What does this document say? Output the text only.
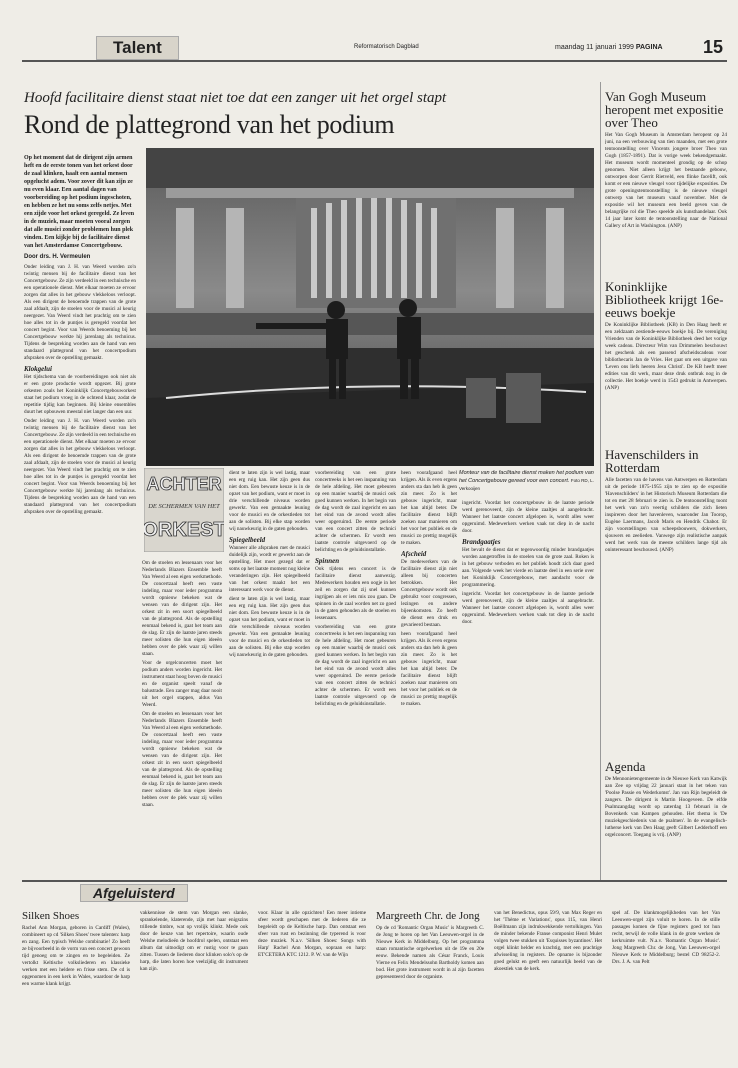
Talent	Reformatorisch Dagblad	maandag 11 januari 1999 PAGINA 15
Hoofd facilitaire dienst staat niet toe dat een zanger uit het orgel stapt
Rond de plattegrond van het podium
Op het moment dat de dirigent zijn armen heft en de eerste tonen van het orkest door de zaal klinken, haalt een aantal mensen opgelucht adem. Voor zover dit kan zijn ze nu even klaar. Een aantal dagen van voorbereiding op het podium ingeschoten, en hebben ze het nu soms zelfs netjes. Met een zijde voor het orkest geregeld. Ze leven in de muziek, maar moeten vooral zorgen dat alle musici zonder problemen hun plek vinden. Een kijkje bij de facilitaire dienst van het Amsterdamse Concertgebouw.
Door drs. H. Vermeulen

Onder leiding van J. H. van Weerd worden zo'n twintig mensen bij de facilitaire dienst van het Concertgebouw. Ze zijn verdeeld in een technische en een operationele dienst. Met elkaar moeten ze ervoor zorgen dat alles in het gebouw vlekkeloos verloopt. Als een dirigent de benoemde trappen van de grote zaal afdaalt, zijn de stoelen voor de musici al keurig neergezet. Van Weerd vindt het prachtig om te zien hoe alles tot in de puntjes is geregeld voordat het concert begint. Voor van Weerds benoeming bij het Concertgebouw werkte hij jarenlang als technicus. Tijdens de bespreking worden aan de hand van een standaard plattegrond van het concertpodium afspraken over de opstelling gemaakt.

Klokgelui

Het tijdschema van de voorbereidingen ook niet als er een grote productie wordt opgezet. Bij grote orkesten zoals het Koninklijk Concertgebouworkest staat het podium vroeg in de ochtend klaar, zodat de repetitie tijdig kan beginnen. Bij kleine ensembles duurt het opbouwen meestal niet langer dan een uur.

Onder leiding van J. H. van Weerd worden zo'n twintig mensen bij de facilitaire dienst van het Concertgebouw. Ze zijn verdeeld in een technische en een operationele dienst. Met elkaar moeten ze ervoor zorgen dat alles in het gebouw vlekkeloos verloopt. Als een dirigent de benoemde trappen van de grote zaal afdaalt, zijn de stoelen voor de musici al keurig neergezet. Van Weerd vindt het prachtig om te zien hoe alles tot in de puntjes is geregeld voordat het concert begint. Voor van Weerds benoeming bij het Concertgebouw werkte hij jarenlang als technicus. Tijdens de bespreking worden aan de hand van een standaard plattegrond van het concertpodium afspraken over de opstelling gemaakt.

Om de stoelen en lessenaars voor het Nederlands Blazers Ensemble heeft Van Weerd al een eigen werkmethode. De concertzaal heeft een vaste indeling, maar voor ieder programma wordt opnieuw bekeken wat de wensen van de dirigent zijn. Het orkest zit in een soort spiegelbeeld van de plattegrond. Als de opstelling eenmaal bekend is, gaat het team aan de slag. Er zijn de laatste jaren steeds meer solisten die hun eigen ideeën hebben over de plek waar zij willen staan.

Voor de orgelconcerten moet het podium anders worden ingericht. Het instrument staat hoog boven de musici en de organist speelt vanaf de balustrade. Een zanger mag daar nooit uit het orgel stappen, aldus Van Weerd.

Om de stoelen en lessenaars voor het Nederlands Blazers Ensemble heeft Van Weerd al een eigen werkmethode. De concertzaal heeft een vaste indeling, maar voor ieder programma wordt opnieuw bekeken wat de wensen van de dirigent zijn. Het orkest zit in een soort spiegelbeeld van de plattegrond. Als de opstelling eenmaal bekend is, gaat het team aan de slag. Er zijn de laatste jaren steeds meer solisten die hun eigen ideeën hebben over de plek waar zij willen staan.

dient te laten zijn is wel lastig, maar een erg ruig kan. Het zijn geen dus niet dom. Een bewuste keuze is in de opzet van het podium, want er moet in drie verschillende niveaus worden gewerkt. Van een gemaakte leuning voor de musici en de orkestleden tot aan de solisten. Bij elke stap worden wij nauwkeurig in de gaten gehouden.

Spiegelbeeld

Wanneer alle afspraken met de musici duidelijk zijn, wordt er gewerkt aan de opstelling. Het moet gezegd dat er soms op het laatste moment nog kleine veranderingen zijn. Het spiegelbeeld van het orkest maakt het een interessant werk voor de dienst.

dient te laten zijn is wel lastig, maar een erg ruig kan. Het zijn geen dus niet dom. Een bewuste keuze is in de opzet van het podium, want er moet in drie verschillende niveaus worden gewerkt. Van een gemaakte leuning voor de musici en de orkestleden tot aan de solisten. Bij elke stap worden wij nauwkeurig in de gaten gehouden.

voorbereiding van een grote concertreeks is het een inspanning van de hele afdeling. Het moet gebeuren op een manier waarbij de musici ook goed kunnen werken. In het begin van de dag wordt de zaal ingericht en aan het eind van de avond wordt alles weer opgeruimd. De eerste periode van een concert zitten de technici achter de schermen. Er wordt een laatste controle uitgevoerd op de belichting en de geluidsinstallatie.

Spinnen

Ook tijdens een concert is de facilitaire dienst aanwezig. Medewerkers houden een oogje in het zeil en zorgen dat zij snel kunnen ingrijpen als er iets mis zou gaan. De spinnen in de zaal worden net zo goed in de gaten gehouden als de stoelen en lessenaars.

voorbereiding van een grote concertreeks is het een inspanning van de hele afdeling. Het moet gebeuren op een manier waarbij de musici ook goed kunnen werken. In het begin van de dag wordt de zaal ingericht en aan het eind van de avond wordt alles weer opgeruimd. De eerste periode van een concert zitten de technici achter de schermen. Er wordt een laatste controle uitgevoerd op de belichting en de geluidsinstallatie.

heen voorafgaand heel krijgen. Als ik even ergens anders sta dan heb ik geen zin meer. Zo is het gebouw ingericht, maar het kan altijd beter. De facilitaire dienst blijft zoeken naar manieren om het voor het publiek en de musici zo prettig mogelijk te maken.

Afscheid

De medewerkers van de facilitaire dienst zijn niet alleen bij concerten betrokken. Het Concertgebouw wordt ook gebruikt voor congressen, lezingen en andere bijeenkomsten. Zo heeft de dienst een druk en gevarieerd bestaan.

heen voorafgaand heel krijgen. Als ik even ergens anders sta dan heb ik geen zin meer. Zo is het gebouw ingericht, maar het kan altijd beter. De facilitaire dienst blijft zoeken naar manieren om het voor het publiek en de musici zo prettig mogelijk te maken.

ingericht. Voordat het concertgebouw in de laatste periode werd gerenoveerd, zijn de kleine zaaltjes al aangebracht. Wanneer het laatste concert afgelopen is, wordt alles weer opgeruimd. Medewerkers werken vaak tot diep in de nacht door.

Brandgaatjes

Het bevalt de dienst dat er tegenwoordig minder brandgaatjes worden aangetroffen in de stoelen van de grote zaal. Roken is in het gebouw verboden en het publiek houdt zich daar goed aan. Volgende week het vierde en laatste deel in een serie over het Koninklijk Concertgebouw, met aandacht voor de programmering.

ingericht. Voordat het concertgebouw in de laatste periode werd gerenoveerd, zijn de kleine zaaltjes al aangebracht. Wanneer het laatste concert afgelopen is, wordt alles weer opgeruimd. Medewerkers werken vaak tot diep in de nacht door.

Monteur van de facilitaire dienst maken het podium van het Concertgebouw gereed voor een concert. Foto RD, L. Verkooijen
ACHTER
DE SCHERMEN VAN HET
ORKEST
Van Gogh Museum heropent met expositie over Theo

Het Van Gogh Museum in Amsterdam heropent op 24 juni, na een verbouwing van tien maanden, met een grote tentoonstelling over Vincents jongere broer Theo van Gogh (1857-1891). Dat is vorige week bekendgemaakt. Het museum wordt momenteel grondig op de schop genomen. Niet alleen krijgt het bestaande gebouw, ontworpen door Gerrit Rietveld, een flinke facelift, ook komt er een nieuwe vleugel voor tijdelijke exposities. De grote openingstentoonstelling is de nieuwe vleugel ontwerp van het museum vanaf november. Met de expositie wil het museum een beeld geven van de belangrijke rol die Theo speelde als kunsthandelaar. Ook 14 jaar later komt de tentoonstelling naar de National Gallery of Art in Washington. (ANP)

Koninklijke Bibliotheek krijgt 16e-eeuws boekje

De Koninklijke Bibliotheek (KB) in Den Haag heeft er een zeldzaam zestiende-eeuws boekje bij. De vereniging Vrienden van de Koninklijke Bibliotheek deed het vorige week cadeau. Directeur Wim van Drimmelen beschouwt het geschenk als een passend afscheidscadeau voor bibliothecaris Jan de Vries. Het gaat om een uitgave van 'Leven ons liefs heeren Jesu Christi'. De KB heeft meer edities van dit werk, maar deze druk ontbrak nog in de collectie. Het boekje werd in 1543 gedrukt in Antwerpen. (ANP)

Havenschilders in Rotterdam

Alle facetten van de havens van Antwerpen en Rotterdam uit de periode 1875-1955 zijn te zien op de expositie 'Havenschilders' in het Historisch Museum Rotterdam die tot en met 28 februari te zien is. De tentoonstelling toont het werk van zo'n veertig schilders die zich lieten inspireren door het havenleven, waaronder Jan Toorop, Eugène Laermans, Jacob Maris en Hendrik Chabot. Er zijn voorstellingen van scheepsbouwers, dokwerkers, sjouwers en zeelieden. Vanwege zijn realistische aanpak werd het werk van de meeste schilders lange tijd als oninteressant beschouwd. (ANP)

Agenda

De Mennonietengemeente in de Nieuwe Kerk van Katwijk aan Zee op vrijdag 22 januari staat in het teken van 'Poolse Passie en Wederkomst'. Jan van Rijn begeleidt de zangers. De dirigent is Martin Hoogeveen. De elfde Psalmzangdag wordt op zaterdag 13 februari in de Bovenkerk van Kampen gehouden. Het thema is 'De muziekgeschiedenis van de psalmen'. In de evangelisch-lutherse kerk van Den Haag geeft Gilbert Ledderhoff een orgelconcert. Toegang is vrij. (ANP)

Afgeluisterd
Silken Shoes
Rachel Ann Morgan, geboren in Cardiff (Wales), combineert op cd 'Silken Shoes' twee talenten: harp en zang. Een typisch Welshe combinatie! Zo heeft ze bijvoorbeeld in de vorm van een concert gewoon tijd genoeg om te zingen en te begeleiden. Ze vertolkt Keltische volksliederen en klassieke werken met een heldere en frisse stem. De cd is opgenomen in een kerk in Wales, waardoor de harp een warme klank krijgt.
vakkennisse de stem van Morgan een slanke, sprankelende, klaterende, zijn met haar enigszins trillende timbre, wat op vrolijk klinkt. Mede ook door de keuze van het repertoire, waarin oude Welshe melodieën de hoofdrol spelen, ontstaat een album dat uitnodigt om er rustig voor te gaan zitten. Tussen de liederen door klinken solo's op de harp, die laten horen hoe veelzijdig dit instrument kan zijn.
voor. Klaar in alle opzichten! Een meer intieme sfeer wordt geschapen met de liederen die ze begeleidt op de Keltische harp. Dan ontstaat een sfeer van rust en bezinning die typerend is voor deze muziek. N.a.v. 'Silken Shoes: Songs with Harp' Rachel Ann Morgan, sopraan en harp: ET'CETERA KTC 1212. P. W. van de Wijn
Margreeth Chr. de Jong
Op de cd 'Romantic Organ Music' is Margreeth C. de Jong te horen op het Van Leeuwen-orgel in de Nieuwe Kerk in Middelburg. Op het programma staan romantische orgelwerken uit de 19e en 20e eeuw. Bekende namen als César Franck, Louis Vierne en Felix Mendelssohn Bartholdy komen aan bod. Het grote instrument wordt in al zijn facetten gepresenteerd door de organiste.
van het Benedictus, opus 59/9, van Max Reger en het 'Thème et Variations', opus 115, van Henri Boëllmann zijn indrukwekkende vertolkingen. Van de minder bekende Franse componist Henri Mulet volgen twee stukken uit 'Esquisses byzantines'. Het orgel klinkt helder en krachtig, met een prachtige afwisseling in registers. De opname is bijzonder goed gelukt en geeft een natuurlijk beeld van de akoestiek van de kerk.
spel af. De klankmogelijkheden van het Van Leeuwen-orgel zijn voluit te horen. In de stille passages komen de fijne registers goed tot hun recht, terwijl de volle klank in de grote werken de kerkruimte vult. N.a.v. 'Romantic Organ Music'. Jong Margreeth Chr. de Jong, Van Leeuwen-orgel Nieuwe Kerk te Middelburg; bestel CD 98252-2. Drs. J. A. van Pelt
